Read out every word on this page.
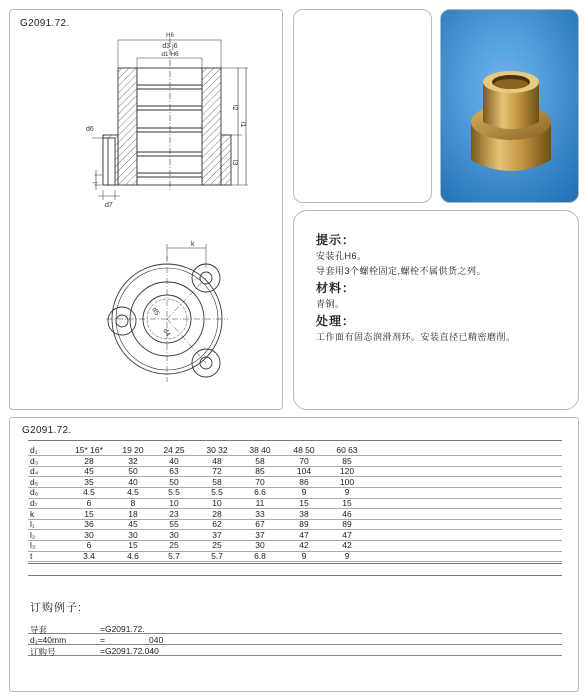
G2091.72.
H6
d3 j6
d1 H6
l2
l1
l3
d6
t
d7
k
d5
d4
提示：
安装孔H6。
导套用3个螺栓固定,螺栓不属供货之列。
材料：
青铜。
处理：
工作面有固态润滑剂环。安装直径已精密磨削。
G2091.72.
d₁	15* 16*	19 20	24 25	30 32	38 40	48 50	60 63
d₃	28	32	40	48	58	70	85
d₄	45	50	63	72	85	104	120
d₅	35	40	50	58	70	86	100
d₆	4.5	4.5	5.5	5.5	6.6	9	9
d₇	6	8	10	10	11	15	15
k	15	18	23	28	33	38	46
l₁	36	45	55	62	67	89	89
l₂	30	30	30	37	37	47	47
l₃	6	15	25	25	30	42	42
t	3.4	4.6	5.7	5.7	6.8	9	9
订购例子:
导套	=G2091.72.
d₁=40mm	=	040
订购号	=G2091.72.040
